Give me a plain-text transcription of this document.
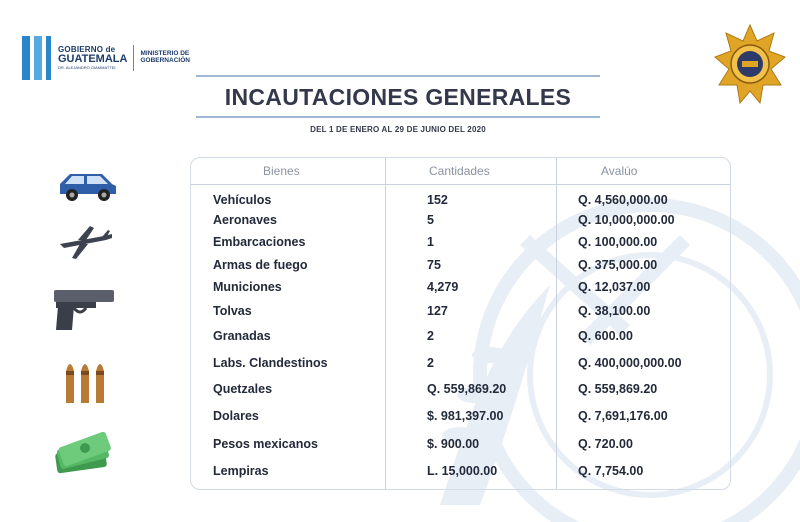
GOBIERNO de
GUATEMALA
DR. ALEJANDRO GIAMMATTEI
MINISTERIO DE
GOBERNACIÓN
INCAUTACIONES GENERALES
DEL 1 DE ENERO AL 29 DE JUNIO DEL 2020
Bienes	Cantidades	Avalúo
Vehículos	152	Q. 4,560,000.00
Aeronaves	5	Q. 10,000,000.00
Embarcaciones	1	Q. 100,000.00
Armas de fuego	75	Q. 375,000.00
Municiones	4,279	Q. 12,037.00
Tolvas	127	Q. 38,100.00
Granadas	2	Q. 600.00
Labs. Clandestinos	2	Q. 400,000,000.00
Quetzales	Q. 559,869.20	Q. 559,869.20
Dolares	$. 981,397.00	Q. 7,691,176.00
Pesos mexicanos	$. 900.00	Q. 720.00
Lempiras	L. 15,000.00	Q. 7,754.00
